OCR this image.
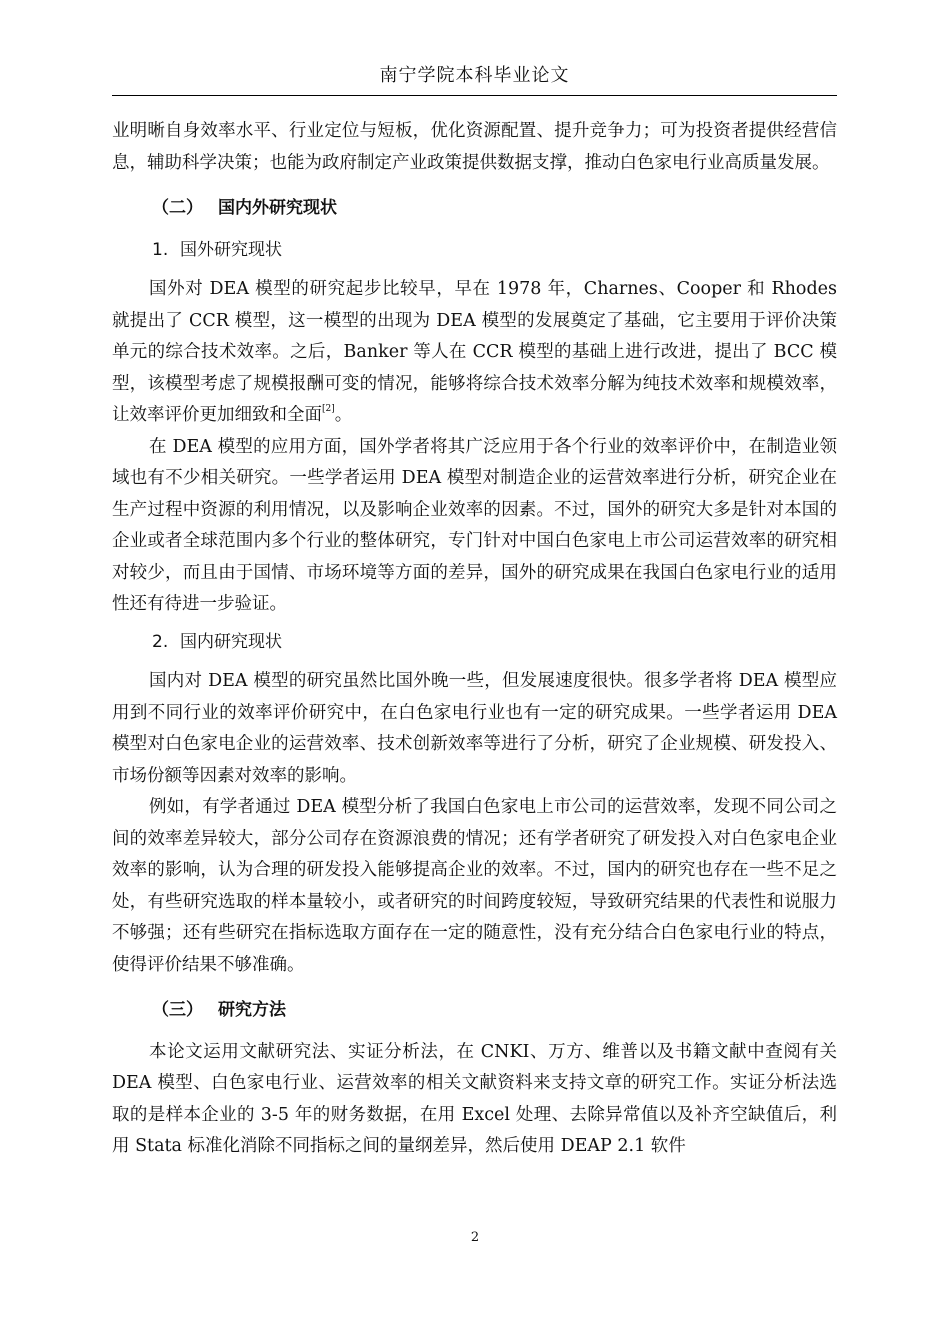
南宁学院本科毕业论文

业明晰自身效率水平、行业定位与短板，优化资源配置、提升竞争力；可为投资者提供经营信息，辅助科学决策；也能为政府制定产业政策提供数据支撑，推动白色家电行业高质量发展。

（二） 国内外研究现状

1. 国外研究现状

国外对 DEA 模型的研究起步比较早，早在 1978 年，Charnes、Cooper 和 Rhodes 就提出了 CCR 模型，这一模型的出现为 DEA 模型的发展奠定了基础，它主要用于评价决策单元的综合技术效率。之后，Banker 等人在 CCR 模型的基础上进行改进，提出了 BCC 模型，该模型考虑了规模报酬可变的情况，能够将综合技术效率分解为纯技术效率和规模效率，让效率评价更加细致和全面[2]。

在 DEA 模型的应用方面，国外学者将其广泛应用于各个行业的效率评价中，在制造业领域也有不少相关研究。一些学者运用 DEA 模型对制造企业的运营效率进行分析，研究企业在生产过程中资源的利用情况，以及影响企业效率的因素。不过，国外的研究大多是针对本国的企业或者全球范围内多个行业的整体研究，专门针对中国白色家电上市公司运营效率的研究相对较少，而且由于国情、市场环境等方面的差异，国外的研究成果在我国白色家电行业的适用性还有待进一步验证。

2. 国内研究现状

国内对 DEA 模型的研究虽然比国外晚一些，但发展速度很快。很多学者将 DEA 模型应用到不同行业的效率评价研究中，在白色家电行业也有一定的研究成果。一些学者运用 DEA 模型对白色家电企业的运营效率、技术创新效率等进行了分析，研究了企业规模、研发投入、市场份额等因素对效率的影响。

例如，有学者通过 DEA 模型分析了我国白色家电上市公司的运营效率，发现不同公司之间的效率差异较大，部分公司存在资源浪费的情况；还有学者研究了研发投入对白色家电企业效率的影响，认为合理的研发投入能够提高企业的效率。不过，国内的研究也存在一些不足之处，有些研究选取的样本量较小，或者研究的时间跨度较短，导致研究结果的代表性和说服力不够强；还有些研究在指标选取方面存在一定的随意性，没有充分结合白色家电行业的特点，使得评价结果不够准确。

（三） 研究方法

本论文运用文献研究法、实证分析法，在 CNKI、万方、维普以及书籍文献中查阅有关 DEA 模型、白色家电行业、运营效率的相关文献资料来支持文章的研究工作。实证分析法选取的是样本企业的 3-5 年的财务数据，在用 Excel 处理、去除异常值以及补齐空缺值后，利用 Stata 标准化消除不同指标之间的量纲差异，然后使用 DEAP 2.1 软件

2
